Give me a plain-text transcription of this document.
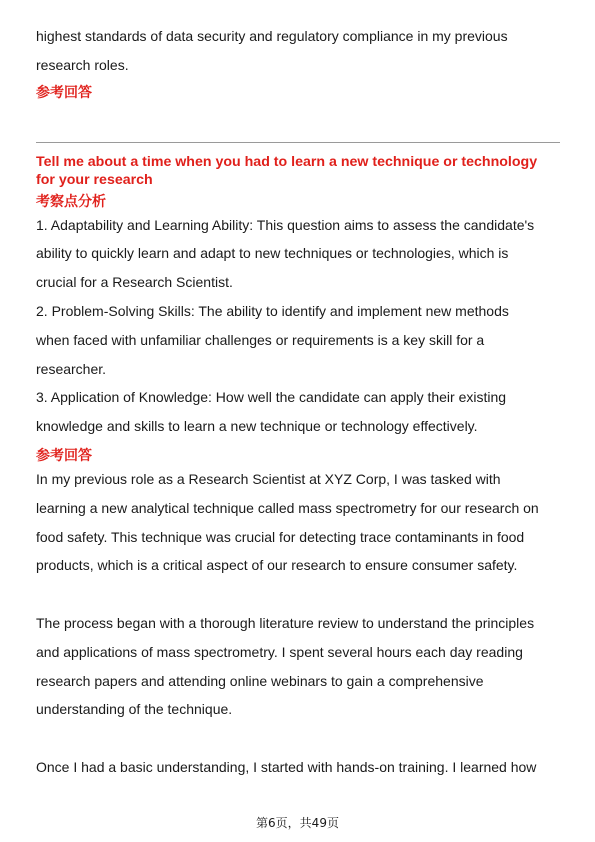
highest standards of data security and regulatory compliance in my previous

research roles.

参考回答

Tell me about a time when you had to learn a new technique or technology

for your research

考察点分析

1. Adaptability and Learning Ability: This question aims to assess the candidate's

ability to quickly learn and adapt to new techniques or technologies, which is

crucial for a Research Scientist.

2. Problem-Solving Skills: The ability to identify and implement new methods

when faced with unfamiliar challenges or requirements is a key skill for a

researcher.

3. Application of Knowledge: How well the candidate can apply their existing

knowledge and skills to learn a new technique or technology effectively.

参考回答

In my previous role as a Research Scientist at XYZ Corp, I was tasked with

learning a new analytical technique called mass spectrometry for our research on

food safety. This technique was crucial for detecting trace contaminants in food

products, which is a critical aspect of our research to ensure consumer safety.

The process began with a thorough literature review to understand the principles

and applications of mass spectrometry. I spent several hours each day reading

research papers and attending online webinars to gain a comprehensive

understanding of the technique.

Once I had a basic understanding, I started with hands-on training. I learned how

第6页，共49页
